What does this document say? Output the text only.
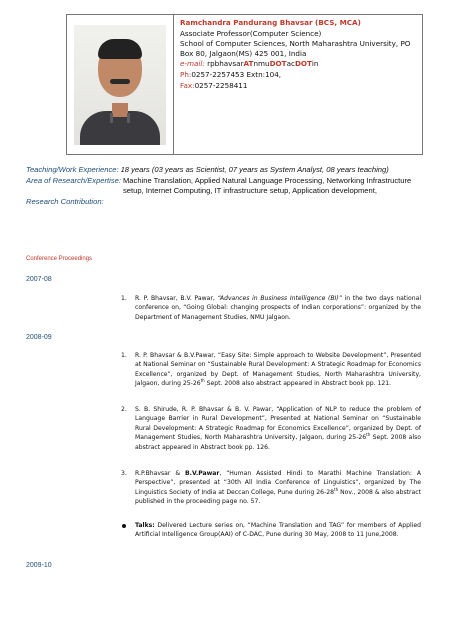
Ramchandra Pandurang Bhavsar (BCS, MCA)
Associate Professor(Computer Science)
School of Computer Sciences, North Maharashtra University, PO Box 80, Jalgaon(MS) 425 001, India
e-mail: rpbhavsarATnmuDOTacDOTin
Ph:0257-2257453 Extn:104,
Fax:0257-2258411
Teaching/Work Experience: 18 years (03 years as Scientist, 07 years as System Analyst, 08 years teaching)
Area of Research/Expertise: Machine Translation, Applied Natural Language Processing, Networking Infrastructure setup, Internet Computing, IT infrastructure setup, Application development,
Research Contribution:
Conference Proceedings
2007-08
1. R. P. Bhavsar, B.V. Pawar, “Advances in Business Intelligence (BI)” in the two days national conference on, “Going Global: changing prospects of Indian corporations”: organized by the Department of Management Studies, NMU Jalgaon.
2008-09
1. R. P. Bhavsar & B.V.Pawar, “Easy Site: Simple approach to Website Development”, Presented at National Seminar on “Sustainable Rural Development: A Strategic Roadmap for Economics Excellence”, organized by Dept. of Management Studies, North Maharashtra University, Jalgaon, during 25-26th Sept. 2008 also abstract appeared in Abstract book pp. 121.
2. S. B. Shirude, R. P. Bhavsar & B. V. Pawar, “Application of NLP to reduce the problem of Language Barrier in Rural Development”, Presented at National Seminar on “Sustainable Rural Development: A Strategic Roadmap for Economics Excellence”, organized by Dept. of Management Studies, North Maharashtra University, Jalgaon, during 25-26th Sept. 2008 also abstract appeared in Abstract book pp. 126.
3. R.P.Bhavsar & B.V.Pawar, “Human Assisted Hindi to Marathi Machine Translation: A Perspective”, presented at “30th All India Conference of Linguistics”, organized by The Linguistics Society of India at Deccan College, Pune during 26-28th Nov., 2008 & also abstract published in the proceeding page no. 57.
Talks: Delivered Lecture series on, “Machine Translation and TAG” for members of Applied Artificial Intelligence Group(AAI) of C-DAC, Pune during 30 May, 2008 to 11 June,2008.
2009-10
